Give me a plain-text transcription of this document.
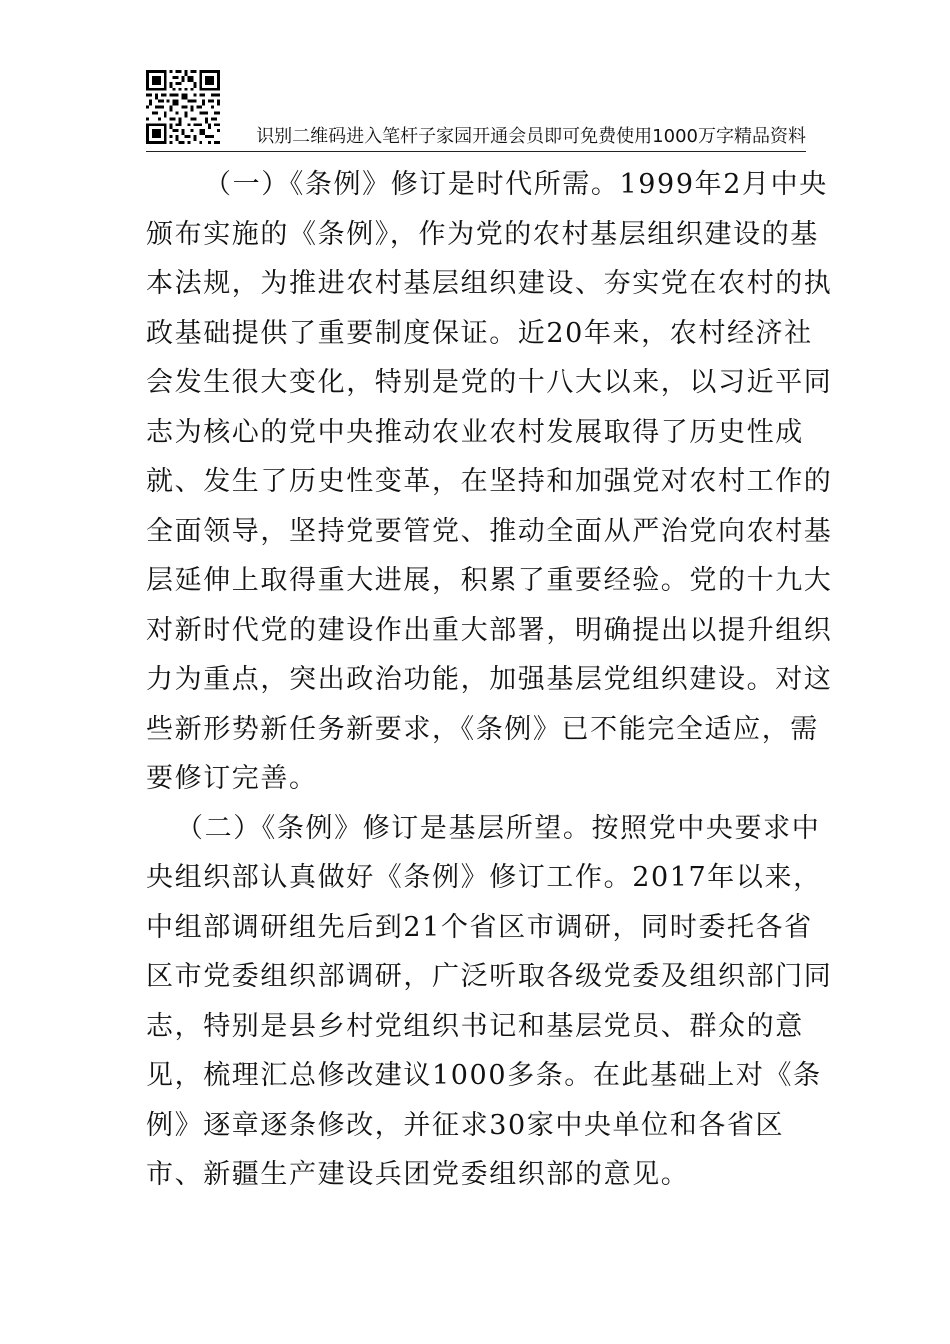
识别二维码进入笔杆子家园开通会员即可免费使用1000万字精品资料

（一）《条例》修订是时代所需。1999年2月中央颁布实施的《条例》，作为党的农村基层组织建设的基本法规，为推进农村基层组织建设、夯实党在农村的执政基础提供了重要制度保证。近20年来，农村经济社会发生很大变化，特别是党的十八大以来，以习近平同志为核心的党中央推动农业农村发展取得了历史性成就、发生了历史性变革，在坚持和加强党对农村工作的全面领导，坚持党要管党、推动全面从严治党向农村基层延伸上取得重大进展，积累了重要经验。党的十九大对新时代党的建设作出重大部署，明确提出以提升组织力为重点，突出政治功能，加强基层党组织建设。对这些新形势新任务新要求，《条例》已不能完全适应，需要修订完善。

（二）《条例》修订是基层所望。按照党中央要求中央组织部认真做好《条例》修订工作。2017年以来，中组部调研组先后到21个省区市调研，同时委托各省区市党委组织部调研，广泛听取各级党委及组织部门同志，特别是县乡村党组织书记和基层党员、群众的意见，梳理汇总修改建议1000多条。在此基础上对《条例》逐章逐条修改，并征求30家中央单位和各省区市、新疆生产建设兵团党委组织部的意见。
